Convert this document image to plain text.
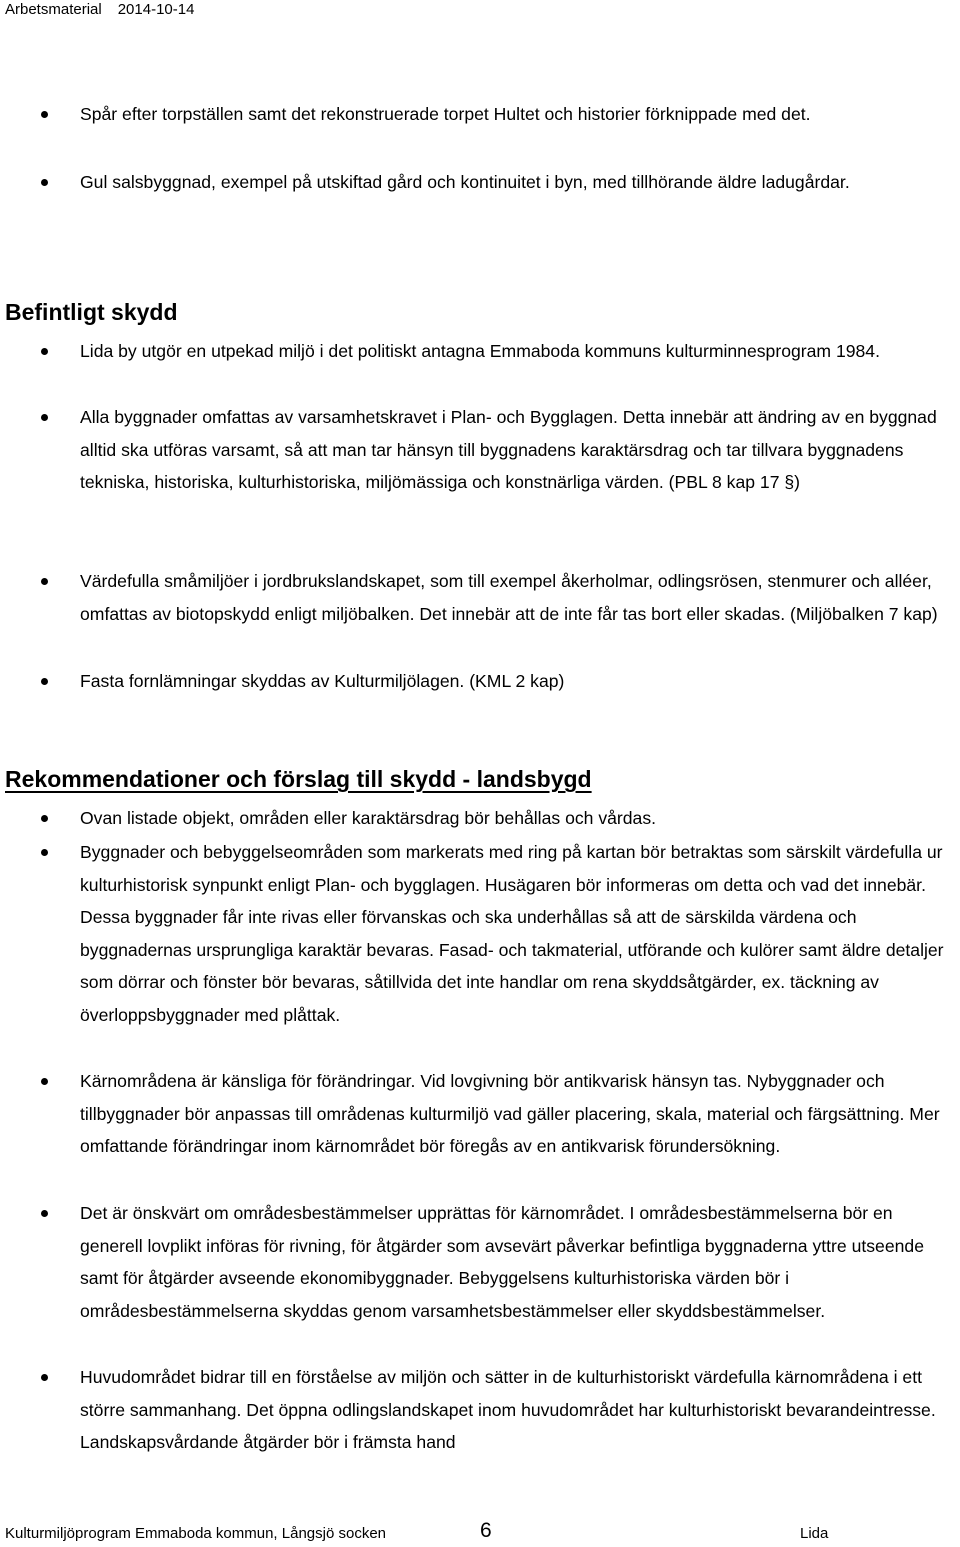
Arbetsmaterial 2014-10-14
Spår efter torpställen samt det rekonstruerade torpet Hultet och historier förknippade med det.
Gul salsbyggnad, exempel på utskiftad gård och kontinuitet i byn, med tillhörande äldre ladugårdar.
Befintligt skydd
Lida by utgör en utpekad miljö i det politiskt antagna Emmaboda kommuns kulturminnesprogram 1984.
Alla byggnader omfattas av varsamhetskravet i Plan- och Bygglagen. Detta innebär att ändring av en byggnad alltid ska utföras varsamt, så att man tar hänsyn till byggnadens karaktärsdrag och tar tillvara byggnadens tekniska, historiska, kulturhistoriska, miljömässiga och konstnärliga värden. (PBL 8 kap 17 §)
Värdefulla småmiljöer i jordbrukslandskapet, som till exempel åkerholmar, odlingsrösen, stenmurer och alléer, omfattas av biotopskydd enligt miljöbalken. Det innebär att de inte får tas bort eller skadas. (Miljöbalken 7 kap)
Fasta fornlämningar skyddas av Kulturmiljölagen. (KML 2 kap)
Rekommendationer och förslag till skydd - landsbygd
Ovan listade objekt, områden eller karaktärsdrag bör behållas och vårdas.
Byggnader och bebyggelseområden som markerats med ring på kartan bör betraktas som särskilt värdefulla ur kulturhistorisk synpunkt enligt Plan- och bygglagen. Husägaren bör informeras om detta och vad det innebär. Dessa byggnader får inte rivas eller förvanskas och ska underhållas så att de särskilda värdena och byggnadernas ursprungliga karaktär bevaras. Fasad- och takmaterial, utförande och kulörer samt äldre detaljer som dörrar och fönster bör bevaras, såtillvida det inte handlar om rena skyddsåtgärder, ex. täckning av överloppsbyggnader med plåttak.
Kärnområdena är känsliga för förändringar. Vid lovgivning bör antikvarisk hänsyn tas. Nybyggnader och tillbyggnader bör anpassas till områdenas kulturmiljö vad gäller placering, skala, material och färgsättning. Mer omfattande förändringar inom kärnområdet bör föregås av en antikvarisk förundersökning.
Det är önskvärt om områdesbestämmelser upprättas för kärnområdet. I områdesbestämmelserna bör en generell lovplikt införas för rivning, för åtgärder som avsevärt påverkar befintliga byggnaderna yttre utseende samt för åtgärder avseende ekonomibyggnader. Bebyggelsens kulturhistoriska värden bör i områdesbestämmelserna skyddas genom varsamhetsbestämmelser eller skyddsbestämmelser.
Huvudområdet bidrar till en förståelse av miljön och sätter in de kulturhistoriskt värdefulla kärnområdena i ett större sammanhang. Det öppna odlingslandskapet inom huvudområdet har kulturhistoriskt bevarandeintresse. Landskapsvårdande åtgärder bör i främsta hand
Kulturmiljöprogram Emmaboda kommun, Långsjö socken	6	Lida
